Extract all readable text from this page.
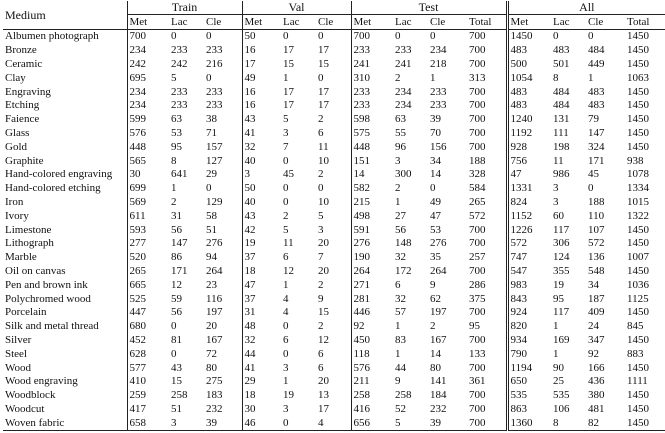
Medium	Train			Val			Test				All			
	Met	Lac	Cle	Met	Lac	Cle	Met	Lac	Cle	Total	Met	Lac	Cle	Total
Albumen photograph	700	0	0	50	0	0	700	0	0	700	1450	0	0	1450
Bronze	234	233	233	16	17	17	233	233	234	700	483	483	484	1450
Ceramic	242	242	216	17	15	15	241	241	218	700	500	501	449	1450
Clay	695	5	0	49	1	0	310	2	1	313	1054	8	1	1063
Engraving	234	233	233	16	17	17	233	234	233	700	483	484	483	1450
Etching	234	233	233	16	17	17	233	234	233	700	483	484	483	1450
Faience	599	63	38	43	5	2	598	63	39	700	1240	131	79	1450
Glass	576	53	71	41	3	6	575	55	70	700	1192	111	147	1450
Gold	448	95	157	32	7	11	448	96	156	700	928	198	324	1450
Graphite	565	8	127	40	0	10	151	3	34	188	756	11	171	938
Hand-colored engraving	30	641	29	3	45	2	14	300	14	328	47	986	45	1078
Hand-colored etching	699	1	0	50	0	0	582	2	0	584	1331	3	0	1334
Iron	569	2	129	40	0	10	215	1	49	265	824	3	188	1015
Ivory	611	31	58	43	2	5	498	27	47	572	1152	60	110	1322
Limestone	593	56	51	42	5	3	591	56	53	700	1226	117	107	1450
Lithograph	277	147	276	19	11	20	276	148	276	700	572	306	572	1450
Marble	520	86	94	37	6	7	190	32	35	257	747	124	136	1007
Oil on canvas	265	171	264	18	12	20	264	172	264	700	547	355	548	1450
Pen and brown ink	665	12	23	47	1	2	271	6	9	286	983	19	34	1036
Polychromed wood	525	59	116	37	4	9	281	32	62	375	843	95	187	1125
Porcelain	447	56	197	31	4	15	446	57	197	700	924	117	409	1450
Silk and metal thread	680	0	20	48	0	2	92	1	2	95	820	1	24	845
Silver	452	81	167	32	6	12	450	83	167	700	934	169	347	1450
Steel	628	0	72	44	0	6	118	1	14	133	790	1	92	883
Wood	577	43	80	41	3	6	576	44	80	700	1194	90	166	1450
Wood engraving	410	15	275	29	1	20	211	9	141	361	650	25	436	1111
Woodblock	259	258	183	18	19	13	258	258	184	700	535	535	380	1450
Woodcut	417	51	232	30	3	17	416	52	232	700	863	106	481	1450
Woven fabric	658	3	39	46	0	4	656	5	39	700	1360	8	82	1450
